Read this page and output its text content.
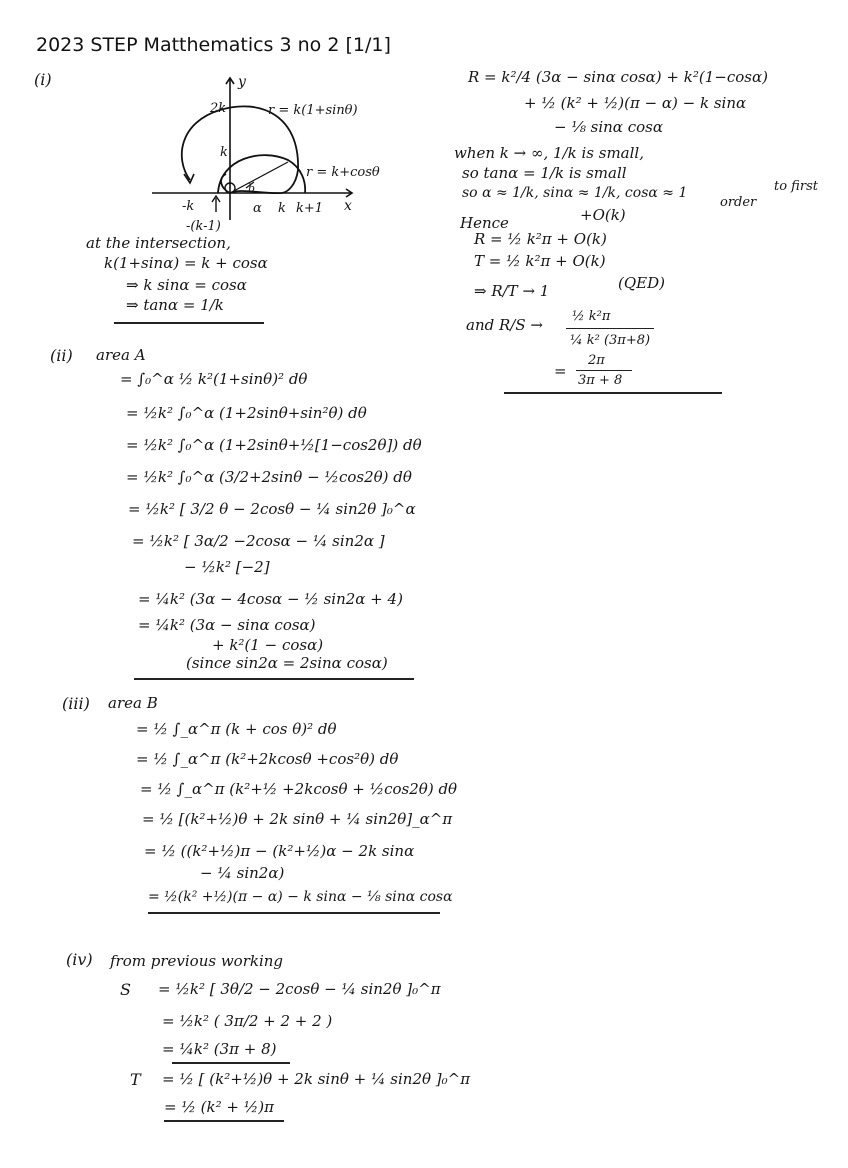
2023 STEP Matthematics 3 no 2 [1/1]
(i)	y
x
2k
k
r = k(1+sinθ)
r = k+cosθ
-k
-(k-1)
α k k+1
b
at the intersection,
k(1+sinα) = k + cosα
⇒ k sinα = cosα
⇒ tanα = 1/k
(ii) area A
= ∫₀^α ½ k²(1+sinθ)² dθ
= ½k² ∫₀^α (1+2sinθ+sin²θ) dθ
= ½k² ∫₀^α (1+2sinθ+½[1−cos2θ]) dθ
= ½k² ∫₀^α (3/2+2sinθ − ½cos2θ) dθ
= ½k² [ 3/2 θ − 2cosθ − ¼ sin2θ ]₀^α
= ½k² [ 3α/2 −2cosα − ¼ sin2α ]
− ½k² [−2]
= ¼k² (3α − 4cosα − ½ sin2α + 4)
= ¼k² (3α − sinα cosα)
+ k²(1 − cosα)
(since sin2α = 2sinα cosα)
(iii) area B
= ½ ∫_α^π (k + cos θ)² dθ
= ½ ∫_α^π (k²+2kcosθ +cos²θ) dθ
= ½ ∫_α^π (k²+½ +2kcosθ + ½cos2θ) dθ
= ½ [(k²+½)θ + 2k sinθ + ¼ sin2θ]_α^π
= ½ ((k²+½)π − (k²+½)α − 2k sinα
− ¼ sin2α)
= ½(k² +½)(π − α) − k sinα − ⅛ sinα cosα
(iv) from previous working
S = ½k² [ 3θ/2 − 2cosθ − ¼ sin2θ ]₀^π
= ½k² ( 3π/2 + 2 + 2 )
= ¼k² (3π + 8)
T = ½ [ (k²+½)θ + 2k sinθ + ¼ sin2θ ]₀^π
= ½ (k² + ½)π
R = k²/4 (3α − sinα cosα) + k²(1−cosα)
+ ½ (k² + ½)(π − α) − k sinα
− ⅛ sinα cosα
when k → ∞, 1/k is small,
so tanα = 1/k is small
so α ≈ 1/k, sinα ≈ 1/k, cosα ≈ 1	to first
order
+O(k)
Hence
R = ½ k²π + O(k)
T = ½ k²π + O(k)
⇒ R/T → 1	(QED)
and R/S → ½ k²π
¼ k² (3π+8)
=
2π
3π + 8
